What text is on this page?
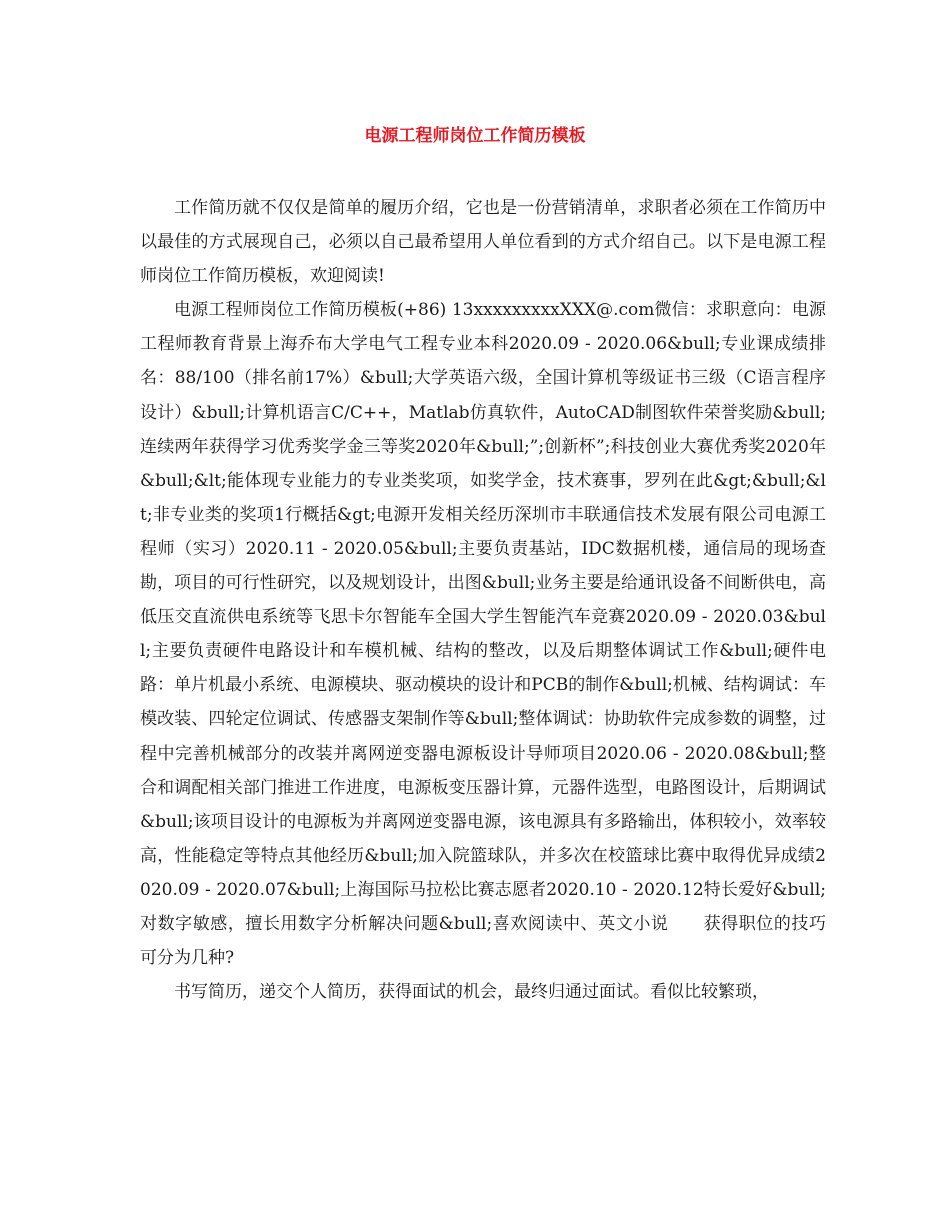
电源工程师岗位工作简历模板

工作简历就不仅仅是简单的履历介绍，它也是一份营销清单，求职者必须在工作简历中以最佳的方式展现自己，必须以自己最希望用人单位看到的方式介绍自己。以下是电源工程师岗位工作简历模板，欢迎阅读!

电源工程师岗位工作简历模板(+86) 13xxxxxxxxxXXX@.com微信：求职意向：电源工程师教育背景上海乔布大学电气工程专业本科2020.09 - 2020.06&bull;专业课成绩排名：88/100（排名前17%）&bull;大学英语六级，全国计算机等级证书三级（C语言程序设计）&bull;计算机语言C/C++，Matlab仿真软件，AutoCAD制图软件荣誉奖励&bull;连续两年获得学习优秀奖学金三等奖2020年&bull;”;创新杯”;科技创业大赛优秀奖2020年&bull;&lt;能体现专业能力的专业类奖项，如奖学金，技术赛事，罗列在此&gt;&bull;&lt;非专业类的奖项1行概括&gt;电源开发相关经历深圳市丰联通信技术发展有限公司电源工程师（实习）2020.11 - 2020.05&bull;主要负责基站，IDC数据机楼，通信局的现场查勘，项目的可行性研究，以及规划设计，出图&bull;业务主要是给通讯设备不间断供电，高低压交直流供电系统等飞思卡尔智能车全国大学生智能汽车竞赛2020.09 - 2020.03&bull;主要负责硬件电路设计和车模机械、结构的整改，以及后期整体调试工作&bull;硬件电路：单片机最小系统、电源模块、驱动模块的设计和PCB的制作&bull;机械、结构调试：车模改装、四轮定位调试、传感器支架制作等&bull;整体调试：协助软件完成参数的调整，过程中完善机械部分的改装并离网逆变器电源板设计导师项目2020.06 - 2020.08&bull;整合和调配相关部门推进工作进度，电源板变压器计算，元器件选型，电路图设计，后期调试&bull;该项目设计的电源板为并离网逆变器电源，该电源具有多路输出，体积较小，效率较高，性能稳定等特点其他经历&bull;加入院篮球队，并多次在校篮球比赛中取得优异成绩2020.09 - 2020.07&bull;上海国际马拉松比赛志愿者2020.10 - 2020.12特长爱好&bull;对数字敏感，擅长用数字分析解决问题&bull;喜欢阅读中、英文小说　　获得职位的技巧 可分为几种?

书写简历，递交个人简历，获得面试的机会，最终归通过面试。看似比较繁琐，
